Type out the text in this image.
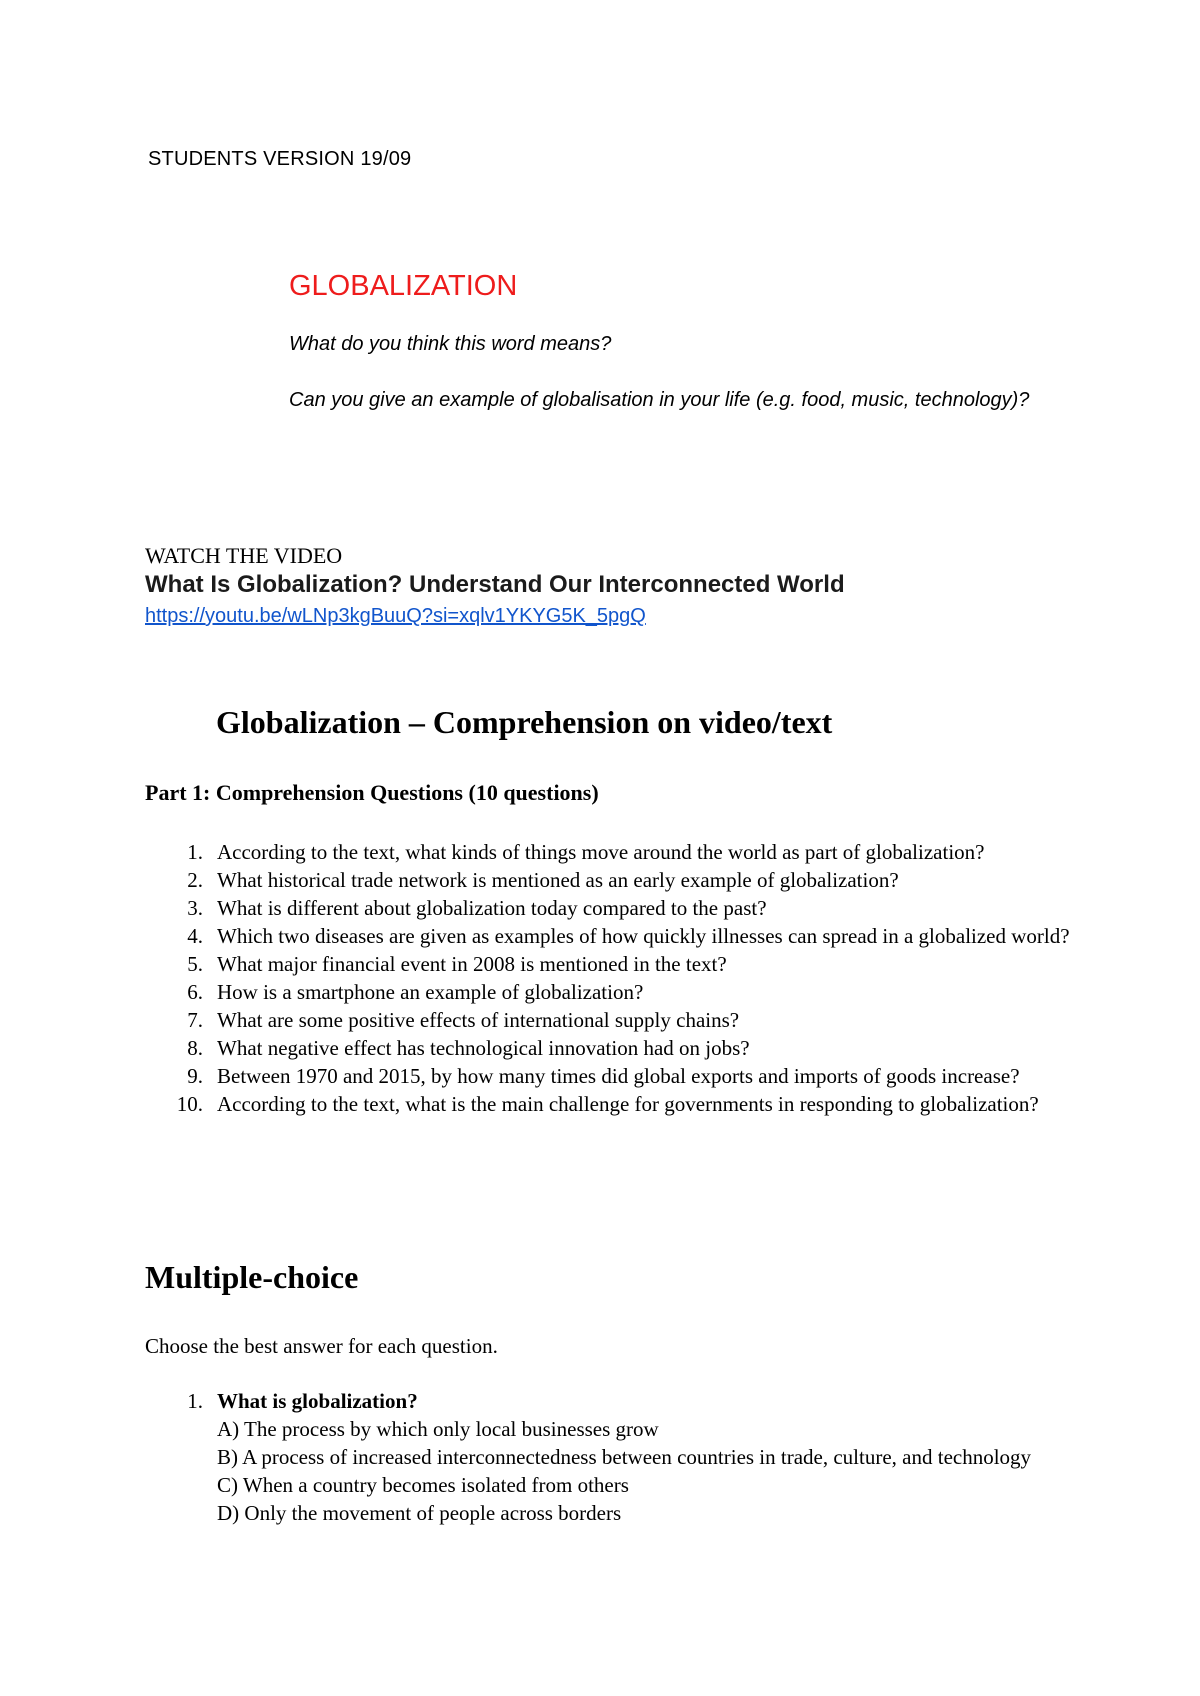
STUDENTS VERSION 19/09

GLOBALIZATION

What do you think this word means?

Can you give an example of globalisation in your life (e.g. food, music, technology)?

WATCH THE VIDEO

What Is Globalization? Understand Our Interconnected World

https://youtu.be/wLNp3kgBuuQ?si=xqlv1YKYG5K_5pgQ
Globalization – Comprehension on video/text
Part 1: Comprehension Questions (10 questions)
1. According to the text, what kinds of things move around the world as part of globalization?
2. What historical trade network is mentioned as an early example of globalization?
3. What is different about globalization today compared to the past?
4. Which two diseases are given as examples of how quickly illnesses can spread in a globalized world?
5. What major financial event in 2008 is mentioned in the text?
6. How is a smartphone an example of globalization?
7. What are some positive effects of international supply chains?
8. What negative effect has technological innovation had on jobs?
9. Between 1970 and 2015, by how many times did global exports and imports of goods increase?
10. According to the text, what is the main challenge for governments in responding to globalization?
Multiple-choice

Choose the best answer for each question.

1. What is globalization?
A) The process by which only local businesses grow
B) A process of increased interconnectedness between countries in trade, culture, and technology
C) When a country becomes isolated from others
D) Only the movement of people across borders
